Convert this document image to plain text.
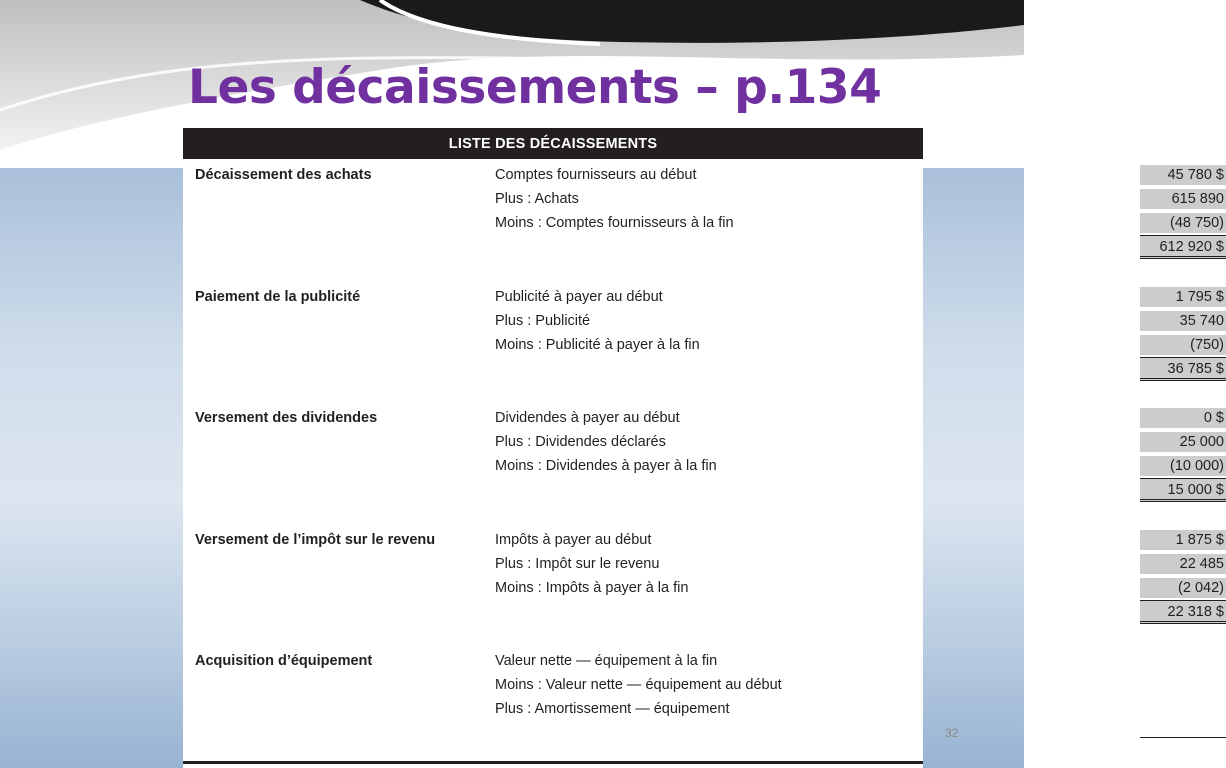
Les décaissements – p.134
LISTE DES DÉCAISSEMENTS
Décaissement des achats	Comptes fournisseurs au début	45 780 $
Plus : Achats	615 890
Moins : Comptes fournisseurs à la fin	(48 750)
612 920 $
Paiement de la publicité	Publicité à payer au début	1 795 $
Plus : Publicité	35 740
Moins : Publicité à payer à la fin	(750)
36 785 $
Versement des dividendes	Dividendes à payer au début	0 $
Plus : Dividendes déclarés	25 000
Moins : Dividendes à payer à la fin	(10 000)
15 000 $
Versement de l’impôt sur le revenu	Impôts à payer au début	1 875 $
Plus : Impôt sur le revenu	22 485
Moins : Impôts à payer à la fin	(2 042)
22 318 $
Acquisition d’équipement	Valeur nette — équipement à la fin
Moins : Valeur nette — équipement au début
Plus : Amortissement — équipement
32
